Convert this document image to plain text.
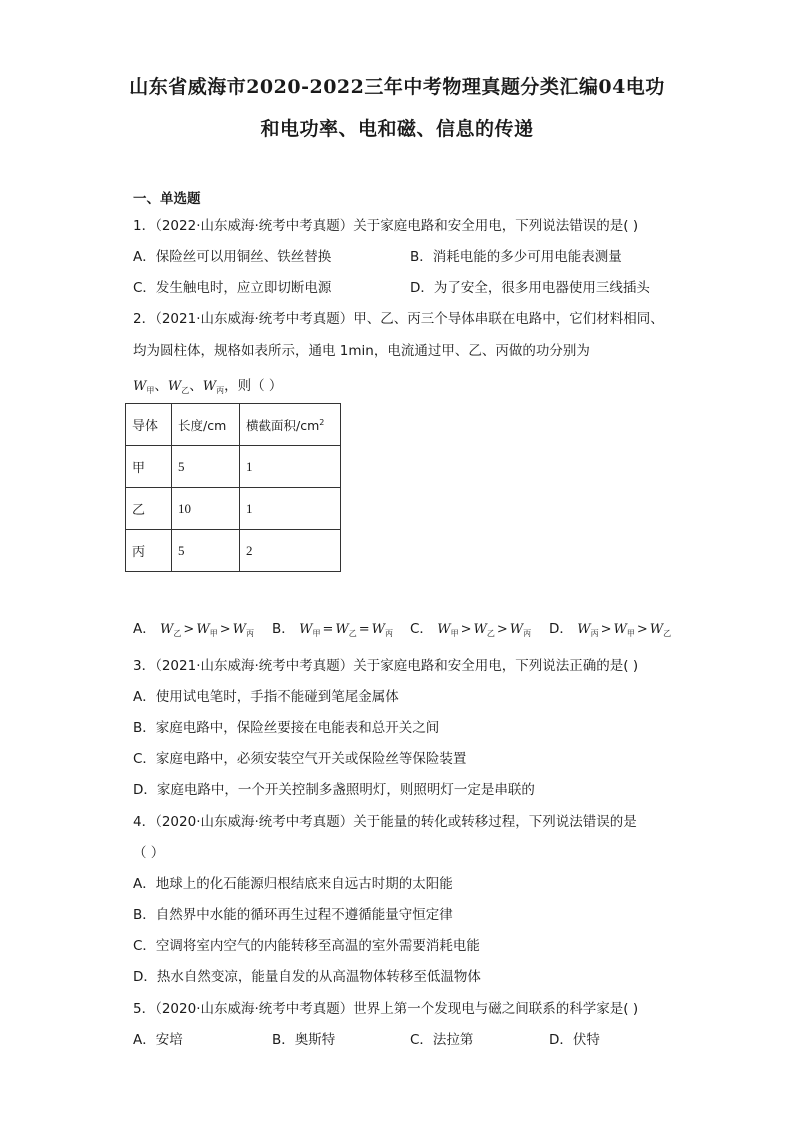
山东省威海市2020-2022三年中考物理真题分类汇编04电功
和电功率、电和磁、信息的传递
一、单选题
1．（2022·山东威海·统考中考真题）关于家庭电路和安全用电，下列说法错误的是( )
A．保险丝可以用铜丝、铁丝替换	B．消耗电能的多少可用电能表测量
C．发生触电时，应立即切断电源	D．为了安全，很多用电器使用三线插头
2．（2021·山东威海·统考中考真题）甲、乙、丙三个导体串联在电路中，它们材料相同、
均为圆柱体，规格如表所示，通电 1min，电流通过甲、乙、丙做的功分别为
$W_甲$、$W_乙$、$W_丙$，则（ ）
导体	长度/cm	横截面积$/cm^2$
甲	5	1
乙	10	1
丙	5	2
A． $W_乙 > W_甲 > W_丙$ B． $W_甲 = W_乙 = W_丙$ C． $W_甲 > W_乙 > W_丙$ D． $W_丙 > W_甲 > W_乙$
3．（2021·山东威海·统考中考真题）关于家庭电路和安全用电，下列说法正确的是( )
A．使用试电笔时，手指不能碰到笔尾金属体
B．家庭电路中，保险丝要接在电能表和总开关之间
C．家庭电路中，必须安装空气开关或保险丝等保险装置
D．家庭电路中，一个开关控制多盏照明灯，则照明灯一定是串联的
4．（2020·山东威海·统考中考真题）关于能量的转化或转移过程，下列说法错误的是
（ ）
A．地球上的化石能源归根结底来自远古时期的太阳能
B．自然界中水能的循环再生过程不遵循能量守恒定律
C．空调将室内空气的内能转移至高温的室外需要消耗电能
D．热水自然变凉，能量自发的从高温物体转移至低温物体
5．（2020·山东威海·统考中考真题）世界上第一个发现电与磁之间联系的科学家是( )
A．安培	B．奥斯特	C．法拉第	D．伏特
